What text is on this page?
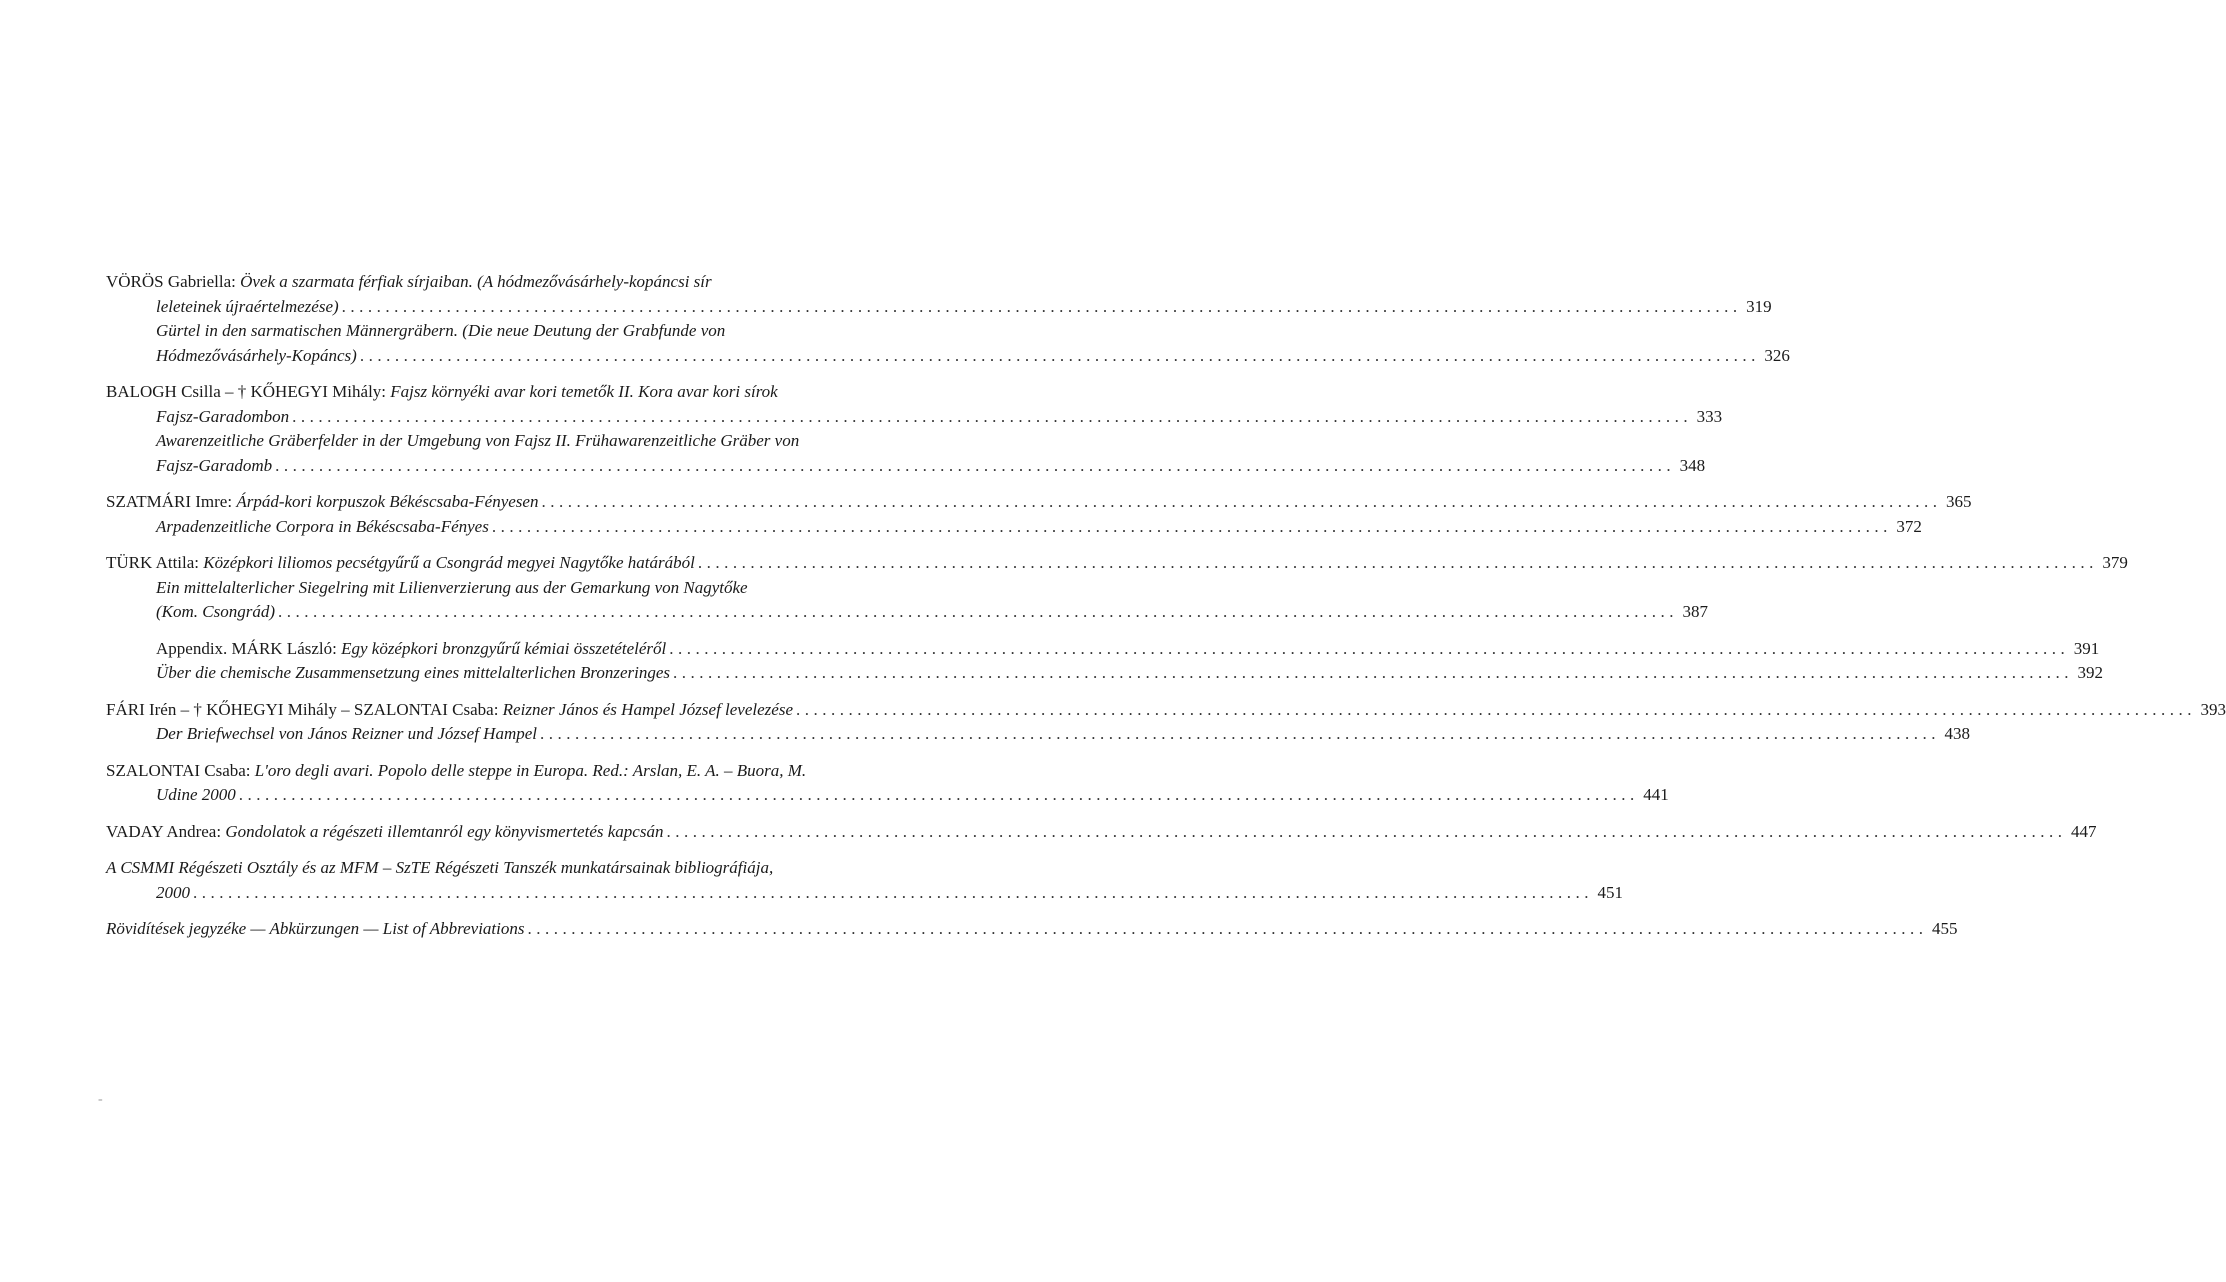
VÖRÖS Gabriella: Övek a szarmata férfiak sírjaiban. (A hódmezővásárhely-kopáncsi sír
leleteinek újraértelmezése) ................................................................................................................................................................ 319
Gürtel in den sarmatischen Männergräbern. (Die neue Deutung der Grabfunde von
Hódmezővásárhely-Kopáncs) ................................................................................................................................................................ 326
BALOGH Csilla – † KŐHEGYI Mihály: Fajsz környéki avar kori temetők II. Kora avar kori sírok
Fajsz-Garadombon ................................................................................................................................................................ 333
Awarenzeitliche Gräberfelder in der Umgebung von Fajsz II. Frühawarenzeitliche Gräber von
Fajsz-Garadomb ................................................................................................................................................................ 348
SZATMÁRI Imre: Árpád-kori korpuszok Békéscsaba-Fényesen ................................................................................................................................................................ 365
Arpadenzeitliche Corpora in Békéscsaba-Fényes ................................................................................................................................................................ 372
TÜRK Attila: Középkori liliomos pecsétgyűrű a Csongrád megyei Nagytőke határából ................................................................................................................................................................ 379
Ein mittelalterlicher Siegelring mit Lilienverzierung aus der Gemarkung von Nagytőke
(Kom. Csongrád) ................................................................................................................................................................ 387
Appendix. MÁRK László: Egy középkori bronzgyűrű kémiai összetételéről ................................................................................................................................................................ 391
Über die chemische Zusammensetzung eines mittelalterlichen Bronzeringes ................................................................................................................................................................ 392
FÁRI Irén – † KŐHEGYI Mihály – SZALONTAI Csaba: Reizner János és Hampel József levelezése ................................................................................................................................................................ 393
Der Briefwechsel von János Reizner und József Hampel ................................................................................................................................................................ 438
SZALONTAI Csaba: L'oro degli avari. Popolo delle steppe in Europa. Red.: Arslan, E. A. – Buora, M.
Udine 2000 ................................................................................................................................................................ 441
VADAY Andrea: Gondolatok a régészeti illemtanról egy könyvismertetés kapcsán ................................................................................................................................................................ 447
A CSMMI Régészeti Osztály és az MFM – SzTE Régészeti Tanszék munkatársainak bibliográfiája,
2000 ................................................................................................................................................................ 451
Rövidítések jegyzéke — Abkürzungen — List of Abbreviations ................................................................................................................................................................ 455
-
